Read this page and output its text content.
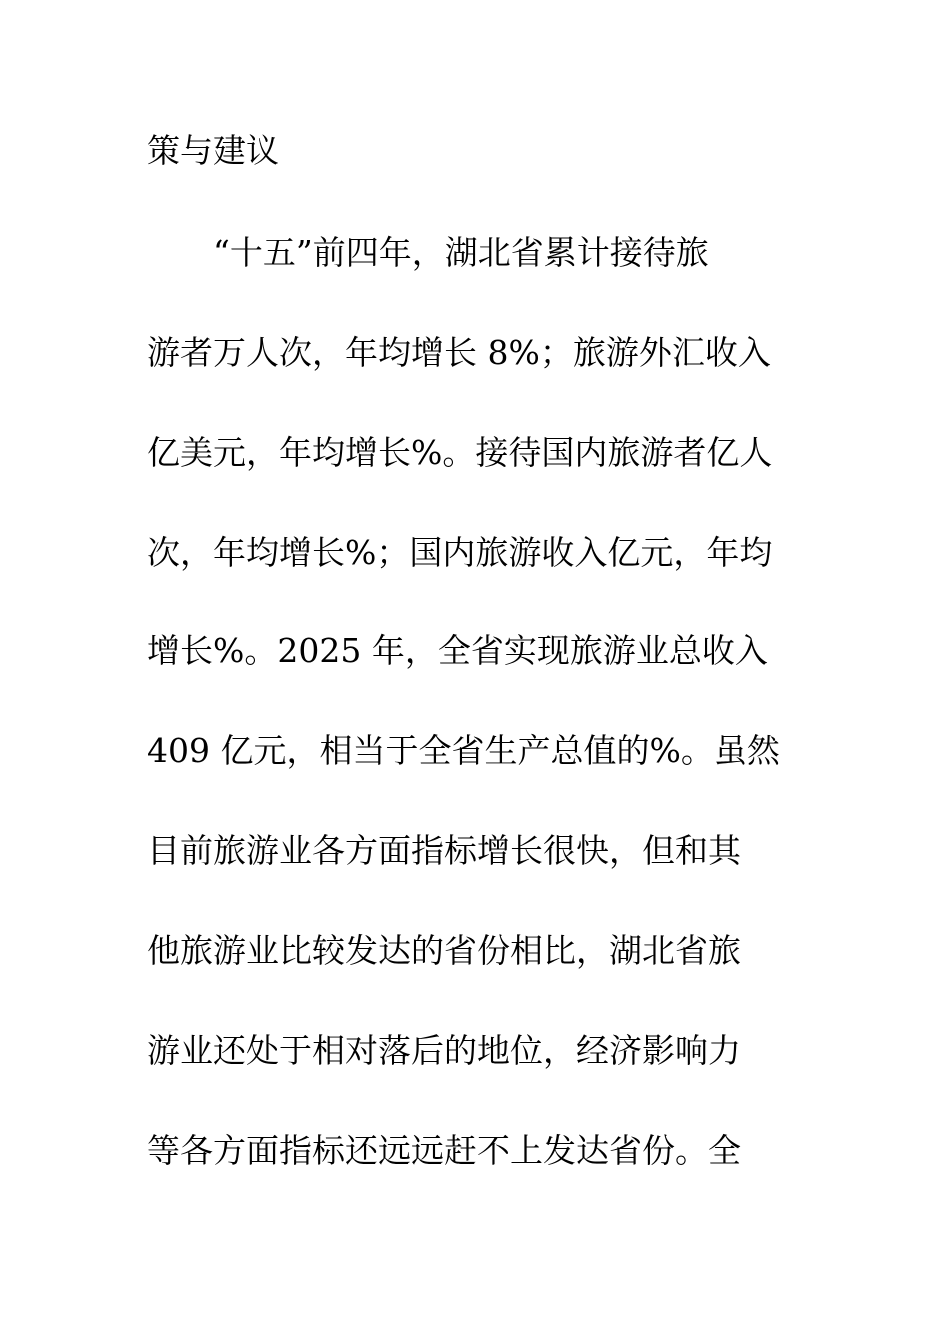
策与建议
“十五”前四年，湖北省累计接待旅
游者万人次，年均增长 8%；旅游外汇收入
亿美元，年均增长%。接待国内旅游者亿人
次，年均增长%；国内旅游收入亿元，年均
增长%。2025 年，全省实现旅游业总收入
409 亿元，相当于全省生产总值的%。虽然
目前旅游业各方面指标增长很快，但和其
他旅游业比较发达的省份相比，湖北省旅
游业还处于相对落后的地位，经济影响力
等各方面指标还远远赶不上发达省份。全
